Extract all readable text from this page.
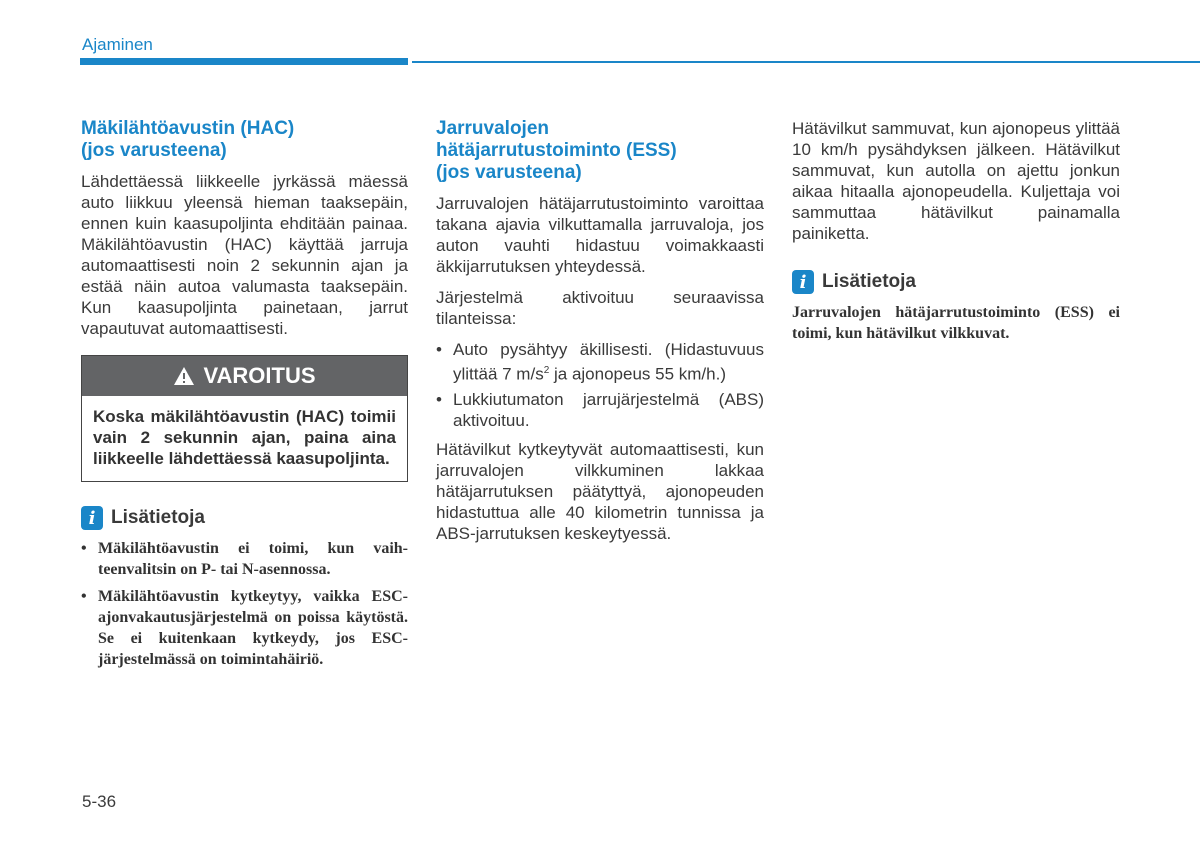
Ajaminen
Mäkilähtöavustin (HAC)
(jos varusteena)

Lähdettäessä liikkeelle jyrkässä mäessä auto liikkuu yleensä hieman taaksepäin, ennen kuin kaasupoljinta ehditään painaa. Mäkilähtöavustin (HAC) käyttää jarruja automaattisesti noin 2 sekunnin ajan ja estää näin autoa valumasta taaksepäin. Kun kaasupoljinta painetaan, jarrut vapautuvat automaattisesti.

VAROITUS
Koska mäkilähtöavustin (HAC) toimii vain 2 sekunnin ajan, paina aina liikkeelle lähdettäessä kaasupoljinta.
i Lisätietoja
• Mäkilähtöavustin ei toimi, kun vaihteenvalitsin on P- tai N-asennossa.
• Mäkilähtöavustin kytkeytyy, vaikka ESC-ajonvakautusjärjestelmä on poissa käytöstä. Se ei kuitenkaan kytkeydy, jos ESC-järjestelmässä on toimintahäiriö.
Jarruvalojen
hätäjarrutustoiminto (ESS)
(jos varusteena)

Jarruvalojen hätäjarrutustoiminto varoittaa takana ajavia vilkuttamalla jarruvaloja, jos auton vauhti hidastuu voimakkaasti äkkijarrutuksen yhteydessä.

Järjestelmä aktivoituu seuraavissa tilanteissa:

• Auto pysähtyy äkillisesti. (Hidastuvuus ylittää 7 $m/s^2$ ja ajonopeus 55 km/h.)
• Lukkiutumaton jarrujärjestelmä (ABS) aktivoituu.

Hätävilkut kytkeytyvät automaattisesti, kun jarruvalojen vilkkuminen lakkaa hätäjarrutuksen päätyttyä, ajonopeuden hidastuttua alle 40 kilometrin tunnissa ja ABS-jarrutuksen keskeytyessä.

Hätävilkut sammuvat, kun ajonopeus ylittää 10 km/h pysähdyksen jälkeen. Hätävilkut sammuvat, kun autolla on ajettu jonkun aikaa hitaalla ajonopeudella. Kuljettaja voi sammuttaa hätävilkut painamalla painiketta.

i Lisätietoja

Jarruvalojen hätäjarrutustoiminto (ESS) ei toimi, kun hätävilkut vilkkuvat.

5-36
